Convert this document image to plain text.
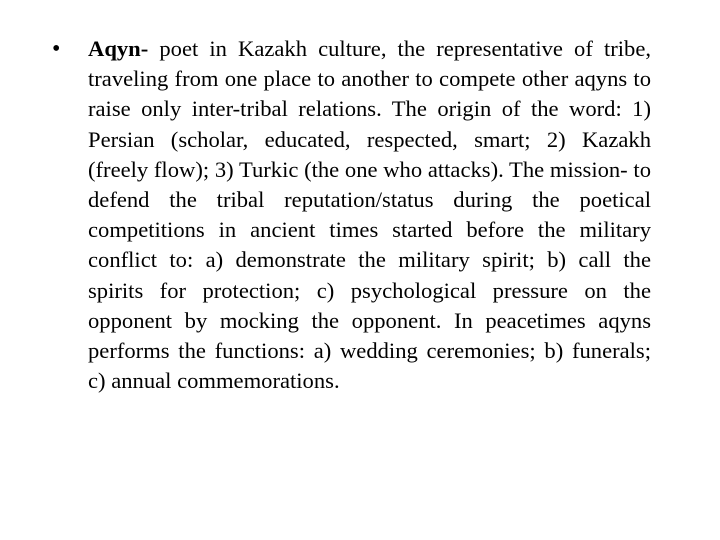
•	Aqyn- poet in Kazakh culture, the representative of tribe, traveling from one place to another to compete other aqyns to raise only inter-tribal relations. The origin of the word: 1) Persian (scholar, educated, respected, smart; 2) Kazakh (freely flow); 3) Turkic (the one who attacks). The mission- to defend the tribal reputation/status during the poetical competitions in ancient times started before the military conflict to: a) demonstrate the military spirit; b) call the spirits for protection; c) psychological pressure on the opponent by mocking the opponent. In peacetimes aqyns performs the functions: a) wedding ceremonies; b) funerals; c) annual commemorations.
